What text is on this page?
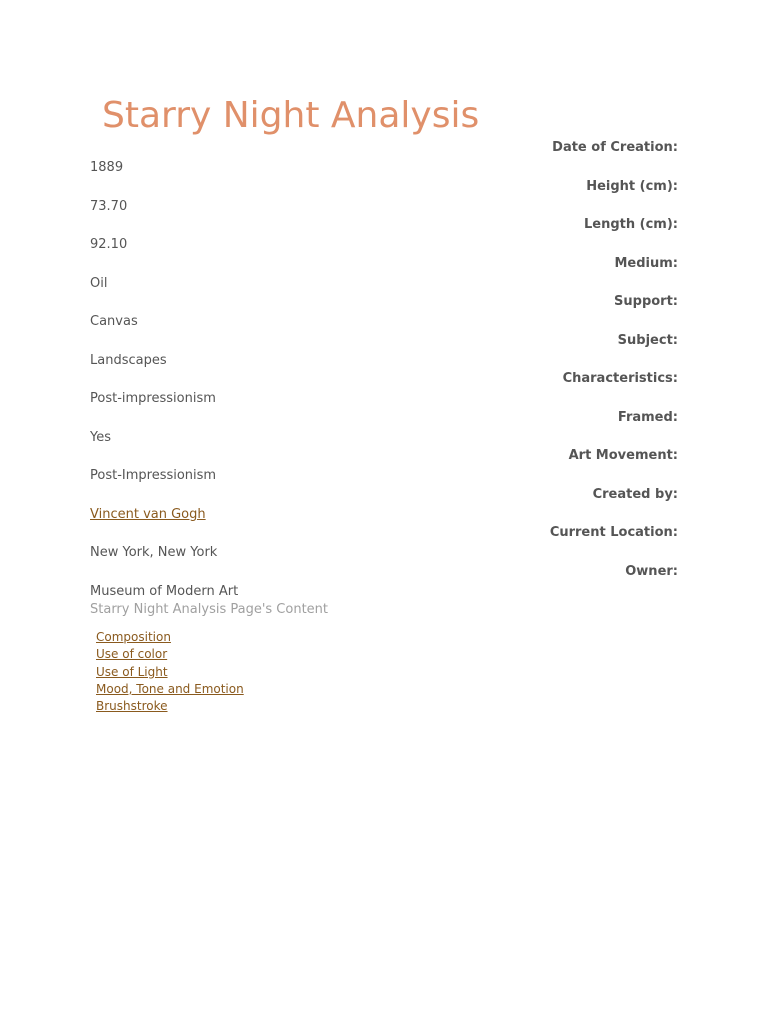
Starry Night Analysis
Date of Creation:
Height (cm):
Length (cm):
Medium:
Support:
Subject:
Characteristics:
Framed:
Art Movement:
Created by:
Current Location:
Owner:
1889
73.70
92.10
Oil
Canvas
Landscapes
Post-impressionism
Yes
Post-Impressionism
Vincent van Gogh
New York, New York
Museum of Modern Art
Starry Night Analysis Page's Content
Composition
Use of color
Use of Light
Mood, Tone and Emotion
Brushstroke
